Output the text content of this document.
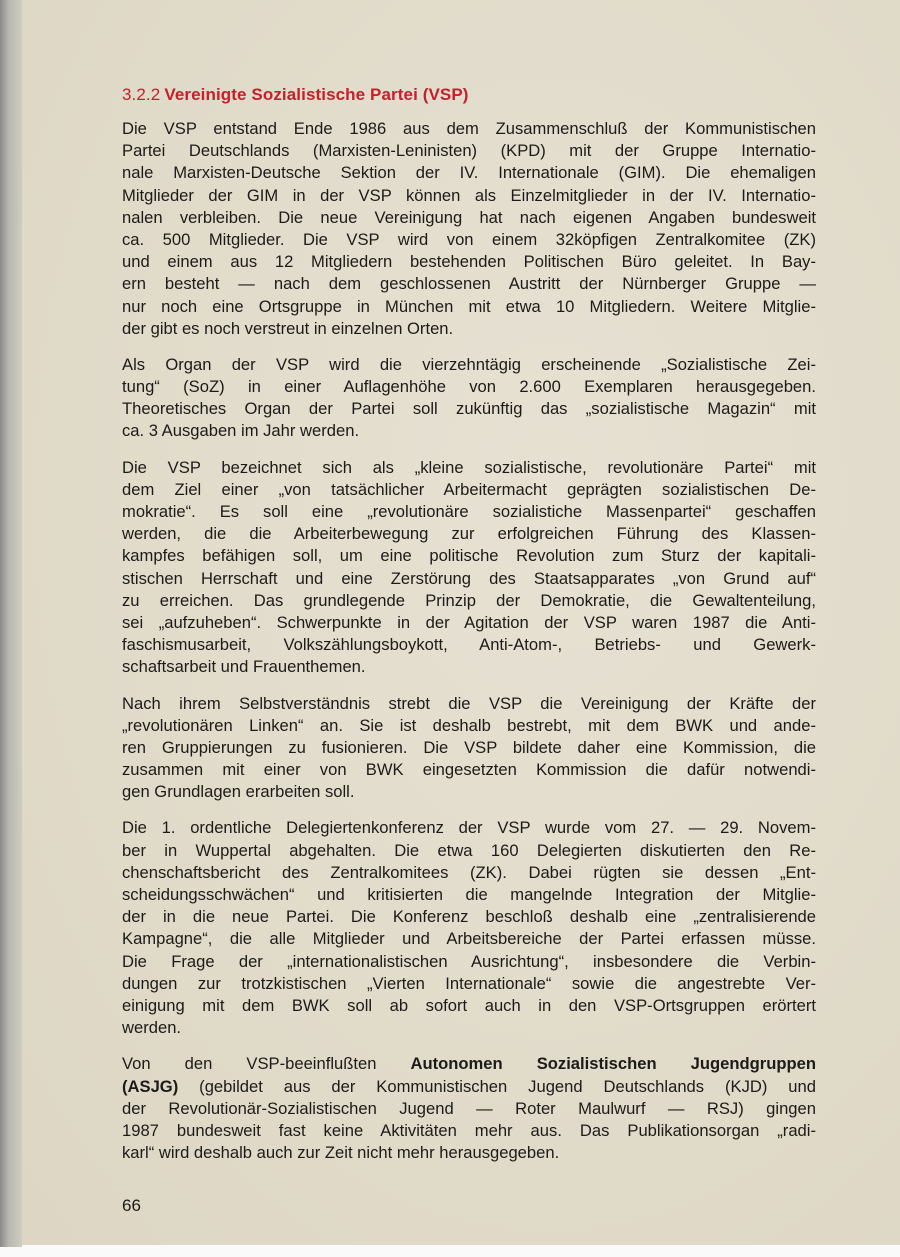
3.2.2 Vereinigte Sozialistische Partei (VSP)

Die VSP entstand Ende 1986 aus dem Zusammenschluß der Kommunistischen
Partei Deutschlands (Marxisten-Leninisten) (KPD) mit der Gruppe Internatio-
nale Marxisten-Deutsche Sektion der IV. Internationale (GIM). Die ehemaligen
Mitglieder der GIM in der VSP können als Einzelmitglieder in der IV. Internatio-
nalen verbleiben. Die neue Vereinigung hat nach eigenen Angaben bundesweit
ca. 500 Mitglieder. Die VSP wird von einem 32köpfigen Zentralkomitee (ZK)
und einem aus 12 Mitgliedern bestehenden Politischen Büro geleitet. In Bay-
ern besteht — nach dem geschlossenen Austritt der Nürnberger Gruppe —
nur noch eine Ortsgruppe in München mit etwa 10 Mitgliedern. Weitere Mitglie-
der gibt es noch verstreut in einzelnen Orten.

Als Organ der VSP wird die vierzehntägig erscheinende „Sozialistische Zei-
tung“ (SoZ) in einer Auflagenhöhe von 2.600 Exemplaren herausgegeben.
Theoretisches Organ der Partei soll zukünftig das „sozialistische Magazin“ mit
ca. 3 Ausgaben im Jahr werden.

Die VSP bezeichnet sich als „kleine sozialistische, revolutionäre Partei“ mit
dem Ziel einer „von tatsächlicher Arbeitermacht geprägten sozialistischen De-
mokratie“. Es soll eine „revolutionäre sozialistiche Massenpartei“ geschaffen
werden, die die Arbeiterbewegung zur erfolgreichen Führung des Klassen-
kampfes befähigen soll, um eine politische Revolution zum Sturz der kapitali-
stischen Herrschaft und eine Zerstörung des Staatsapparates „von Grund auf“
zu erreichen. Das grundlegende Prinzip der Demokratie, die Gewaltenteilung,
sei „aufzuheben“. Schwerpunkte in der Agitation der VSP waren 1987 die Anti-
faschismusarbeit, Volkszählungsboykott, Anti-Atom-, Betriebs- und Gewerk-
schaftsarbeit und Frauenthemen.

Nach ihrem Selbstverständnis strebt die VSP die Vereinigung der Kräfte der
„revolutionären Linken“ an. Sie ist deshalb bestrebt, mit dem BWK und ande-
ren Gruppierungen zu fusionieren. Die VSP bildete daher eine Kommission, die
zusammen mit einer von BWK eingesetzten Kommission die dafür notwendi-
gen Grundlagen erarbeiten soll.

Die 1. ordentliche Delegiertenkonferenz der VSP wurde vom 27. — 29. Novem-
ber in Wuppertal abgehalten. Die etwa 160 Delegierten diskutierten den Re-
chenschaftsbericht des Zentralkomitees (ZK). Dabei rügten sie dessen „Ent-
scheidungsschwächen“ und kritisierten die mangelnde Integration der Mitglie-
der in die neue Partei. Die Konferenz beschloß deshalb eine „zentralisierende
Kampagne“, die alle Mitglieder und Arbeitsbereiche der Partei erfassen müsse.
Die Frage der „internationalistischen Ausrichtung“, insbesondere die Verbin-
dungen zur trotzkistischen „Vierten Internationale“ sowie die angestrebte Ver-
einigung mit dem BWK soll ab sofort auch in den VSP-Ortsgruppen erörtert
werden.

Von den VSP-beeinflußten Autonomen Sozialistischen Jugendgruppen
(ASJG) (gebildet aus der Kommunistischen Jugend Deutschlands (KJD) und
der Revolutionär-Sozialistischen Jugend — Roter Maulwurf — RSJ) gingen
1987 bundesweit fast keine Aktivitäten mehr aus. Das Publikationsorgan „radi-
karl“ wird deshalb auch zur Zeit nicht mehr herausgegeben.

66
